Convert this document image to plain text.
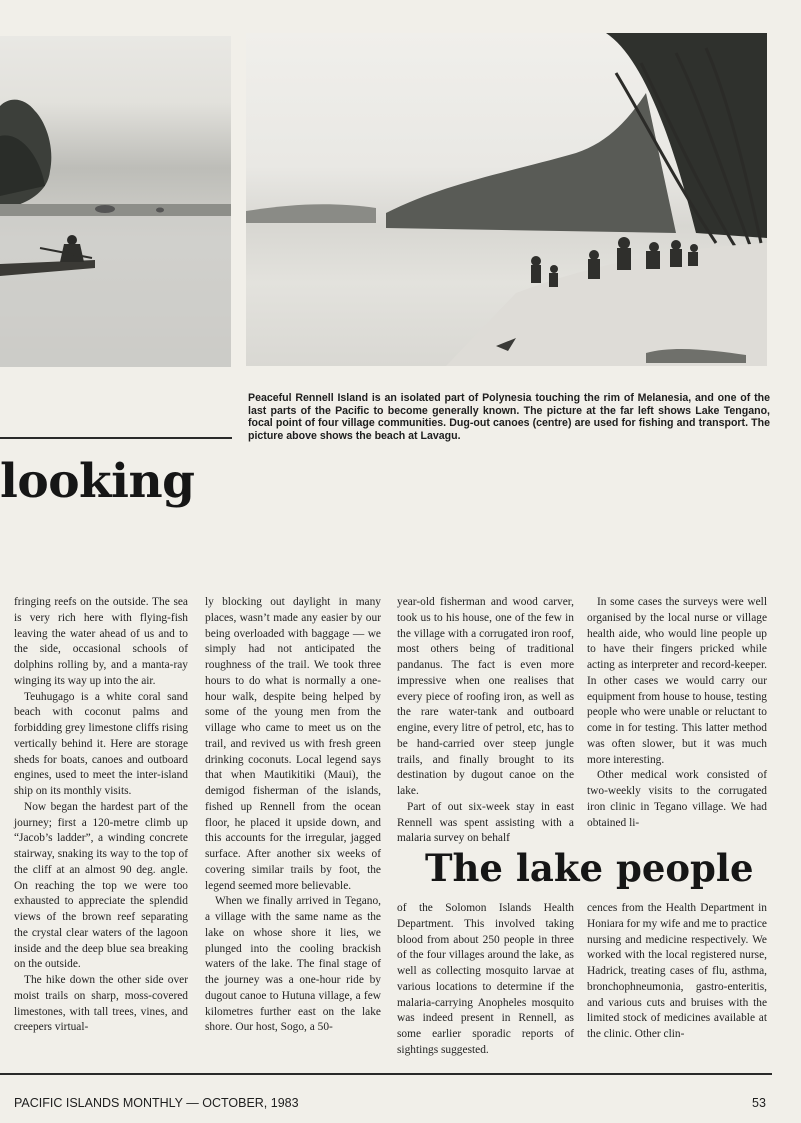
Peaceful Rennell Island is an isolated part of Polynesia touching the rim of Melanesia, and one of the last parts of the Pacific to become generally known. The picture at the far left shows Lake Tengano, focal point of four village communities. Dug-out canoes (centre) are used for fishing and transport. The picture above shows the beach at Lavagu.
looking
The lake people

fringing reefs on the outside. The sea is very rich here with flying-fish leaving the water ahead of us and to the side, occasional schools of dolphins rolling by, and a manta-ray winging its way up into the air.

Teuhugago is a white coral sand beach with coconut palms and forbidding grey limestone cliffs rising vertically behind it. Here are storage sheds for boats, canoes and outboard engines, used to meet the inter-island ship on its monthly visits.

Now began the hardest part of the journey; first a 120-metre climb up “Jacob’s ladder”, a winding concrete stairway, snaking its way to the top of the cliff at an almost 90 deg. angle. On reaching the top we were too exhausted to appreciate the splendid views of the brown reef separating the crystal clear waters of the lagoon inside and the deep blue sea breaking on the outside.

The hike down the other side over moist trails on sharp, moss-covered limestones, with tall trees, vines, and creepers virtual-

ly blocking out daylight in many places, wasn’t made any easier by our being overloaded with baggage — we simply had not anticipated the roughness of the trail. We took three hours to do what is normally a one-hour walk, despite being helped by some of the young men from the village who came to meet us on the trail, and revived us with fresh green drinking coconuts. Local legend says that when Mautikitiki (Maui), the demigod fisherman of the islands, fished up Rennell from the ocean floor, he placed it upside down, and this accounts for the irregular, jagged surface. After another six weeks of covering similar trails by foot, the legend seemed more believable.

When we finally arrived in Tegano, a village with the same name as the lake on whose shore it lies, we plunged into the cooling brackish waters of the lake. The final stage of the journey was a one-hour ride by dugout canoe to Hutuna village, a few kilometres further east on the lake shore. Our host, Sogo, a 50-

year-old fisherman and wood carver, took us to his house, one of the few in the village with a corrugated iron roof, most others being of traditional pandanus. The fact is even more impressive when one realises that every piece of roofing iron, as well as the rare water-tank and outboard engine, every litre of petrol, etc, has to be hand-carried over steep jungle trails, and finally brought to its destination by dugout canoe on the lake.

Part of out six-week stay in east Rennell was spent assisting with a malaria survey on behalf

of the Solomon Islands Health Department. This involved taking blood from about 250 people in three of the four villages around the lake, as well as collecting mosquito larvae at various locations to determine if the malaria-carrying Anopheles mosquito was indeed present in Rennell, as some earlier sporadic reports of sightings suggested.

In some cases the surveys were well organised by the local nurse or village health aide, who would line people up to have their fingers pricked while acting as interpreter and record-keeper. In other cases we would carry our equipment from house to house, testing people who were unable or reluctant to come in for testing. This latter method was often slower, but it was much more interesting.

Other medical work consisted of two-weekly visits to the corrugated iron clinic in Tegano village. We had obtained li-

cences from the Health Department in Honiara for my wife and me to practice nursing and medicine respectively. We worked with the local registered nurse, Hadrick, treating cases of flu, asthma, bronchophneumonia, gastro-enteritis, and various cuts and bruises with the limited stock of medicines available at the clinic. Other clin-

PACIFIC ISLANDS MONTHLY — OCTOBER, 1983	53
